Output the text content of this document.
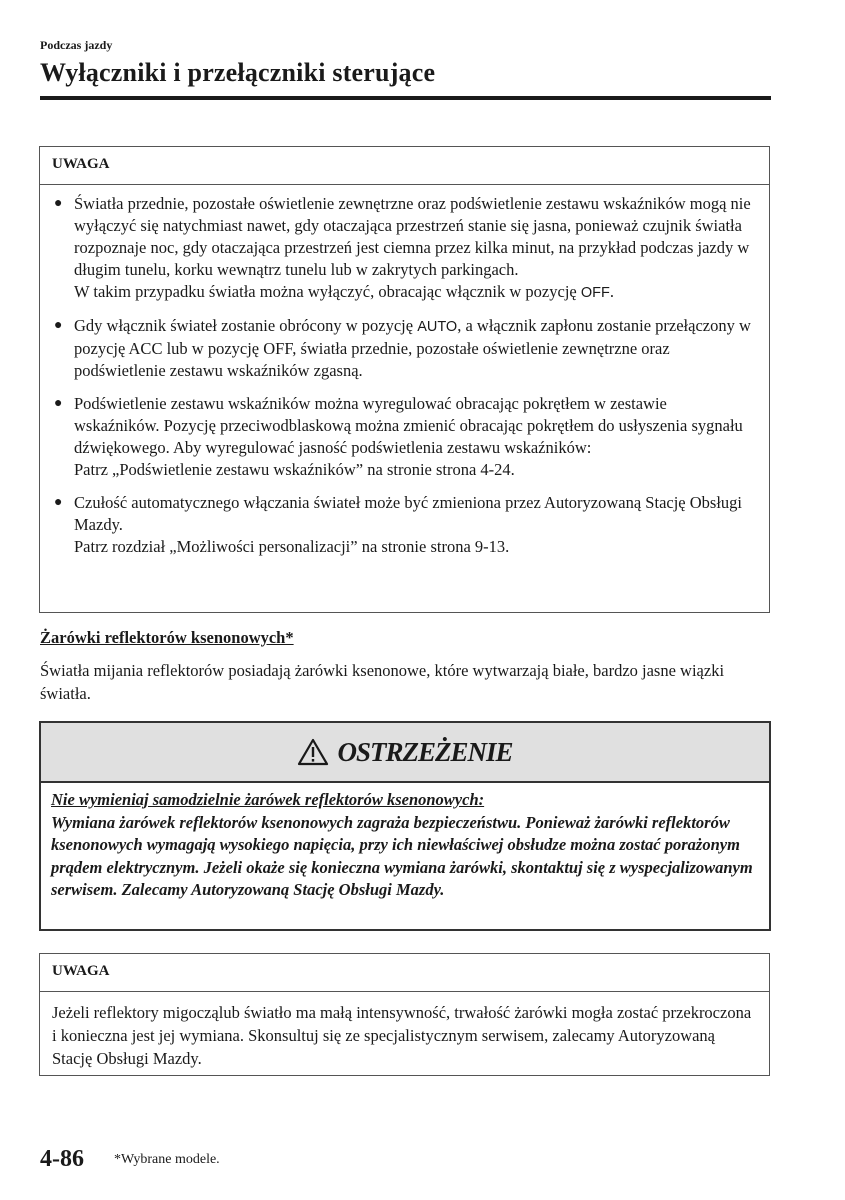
Podczas jazdy
Wyłączniki i przełączniki sterujące
UWAGA
● Światła przednie, pozostałe oświetlenie zewnętrzne oraz podświetlenie zestawu wskaźników mogą nie wyłączyć się natychmiast nawet, gdy otaczająca przestrzeń stanie się jasna, ponieważ czujnik światła rozpoznaje noc, gdy otaczająca przestrzeń jest ciemna przez kilka minut, na przykład podczas jazdy w długim tunelu, korku wewnątrz tunelu lub w zakrytych parkingach.

W takim przypadku światła można wyłączyć, obracając włącznik w pozycję OFF.

● Gdy włącznik świateł zostanie obrócony w pozycję AUTO, a włącznik zapłonu zostanie przełączony w pozycję ACC lub w pozycję OFF, światła przednie, pozostałe oświetlenie zewnętrzne oraz podświetlenie zestawu wskaźników zgasną.

● Podświetlenie zestawu wskaźników można wyregulować obracając pokrętłem w zestawie wskaźników. Pozycję przeciwodblaskową można zmienić obracając pokrętłem do usłyszenia sygnału dźwiękowego. Aby wyregulować jasność podświetlenia zestawu wskaźników:

Patrz „Podświetlenie zestawu wskaźników” na stronie strona 4-24.

● Czułość automatycznego włączania świateł może być zmieniona przez Autoryzowaną Stację Obsługi Mazdy.

Patrz rozdział „Możliwości personalizacji” na stronie strona 9-13.

Żarówki reflektorów ksenonowych*

Światła mijania reflektorów posiadają żarówki ksenonowe, które wytwarzają białe, bardzo jasne wiązki światła.

OSTRZEŻENIE
Nie wymieniaj samodzielnie żarówek reflektorów ksenonowych:
Wymiana żarówek reflektorów ksenonowych zagraża bezpieczeństwu. Ponieważ żarówki reflektorów ksenonowych wymagają wysokiego napięcia, przy ich niewłaściwej obsłudze można zostać porażonym prądem elektrycznym. Jeżeli okaże się konieczna wymiana żarówki, skontaktuj się z wyspecjalizowanym serwisem. Zalecamy Autoryzowaną Stację Obsługi Mazdy.
UWAGA

Jeżeli reflektory migocząlub światło ma małą intensywność, trwałość żarówki mogła zostać przekroczona i konieczna jest jej wymiana. Skonsultuj się ze specjalistycznym serwisem, zalecamy Autoryzowaną Stację Obsługi Mazdy.

4-86 *Wybrane modele.
